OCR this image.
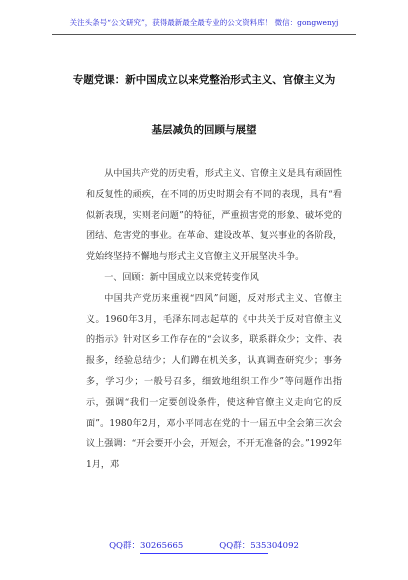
关注头条号“公文研究”，获得最新最全最专业的公文资料库！ 微信：gongwenyj
专题党课：新中国成立以来党整治形式主义、官僚主义为
基层减负的回顾与展望

从中国共产党的历史看，形式主义、官僚主义是具有顽固性和反复性的顽疾，在不同的历史时期会有不同的表现，具有“看似新表现，实则老问题”的特征，严重损害党的形象、破坏党的团结、危害党的事业。在革命、建设改革、复兴事业的各阶段，党始终坚持不懈地与形式主义官僚主义开展坚决斗争。

一、回顾：新中国成立以来党转变作风

中国共产党历来重视“四风”问题，反对形式主义、官僚主义。1960年3月，毛泽东同志起草的《中共关于反对官僚主义的指示》针对区乡工作存在的“会议多，联系群众少；文件、表报多，经验总结少；人们蹲在机关多，认真调查研究少；事务多，学习少；一般号召多，细致地组织工作少”等问题作出指示，强调“我们一定要创设条件，使这种官僚主义走向它的反面”。1980年2月，邓小平同志在党的十一届五中全会第三次会议上强调：“开会要开小会，开短会，不开无准备的会。”1992年1月，邓

QQ群：30265665	QQ群：535304092
